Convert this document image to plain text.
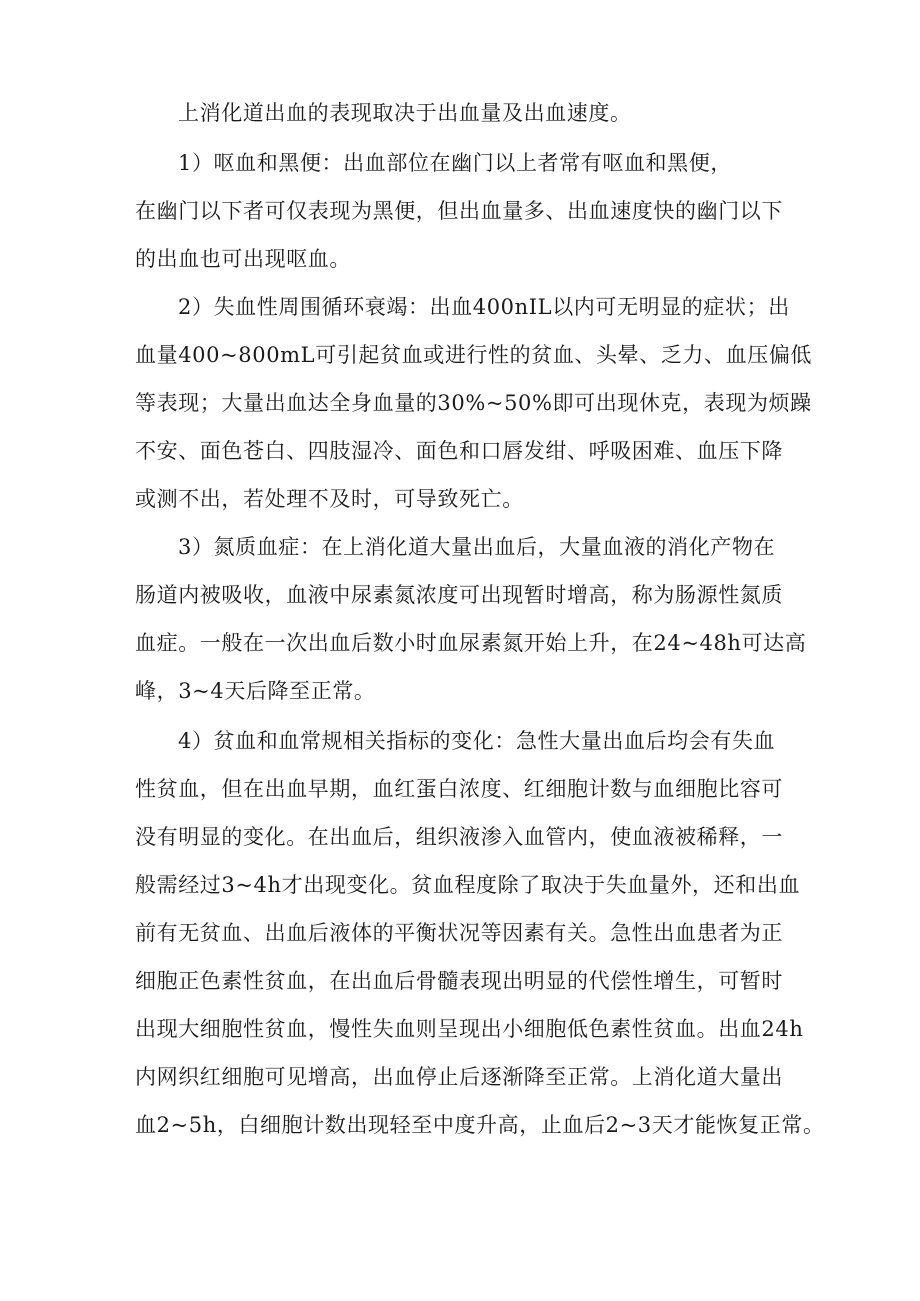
上消化道出血的表现取决于出血量及出血速度。
1）呕血和黑便：出血部位在幽门以上者常有呕血和黑便，
在幽门以下者可仅表现为黑便，但出血量多、出血速度快的幽门以下
的出血也可出现呕血。
2）失血性周围循环衰竭：出血400nIL以内可无明显的症状；出
血量400~800mL可引起贫血或进行性的贫血、头晕、乏力、血压偏低
等表现；大量出血达全身血量的30%~50%即可出现休克，表现为烦躁
不安、面色苍白、四肢湿冷、面色和口唇发绀、呼吸困难、血压下降
或测不出，若处理不及时，可导致死亡。
3）氮质血症：在上消化道大量出血后，大量血液的消化产物在
肠道内被吸收，血液中尿素氮浓度可出现暂时增高，称为肠源性氮质
血症。一般在一次出血后数小时血尿素氮开始上升，在24~48h可达高
峰，3~4天后降至正常。
4）贫血和血常规相关指标的变化：急性大量出血后均会有失血
性贫血，但在出血早期，血红蛋白浓度、红细胞计数与血细胞比容可
没有明显的变化。在出血后，组织液渗入血管内，使血液被稀释，一
般需经过3~4h才出现变化。贫血程度除了取决于失血量外，还和出血
前有无贫血、出血后液体的平衡状况等因素有关。急性出血患者为正
细胞正色素性贫血，在出血后骨髓表现出明显的代偿性增生，可暂时
出现大细胞性贫血，慢性失血则呈现出小细胞低色素性贫血。出血24h
内网织红细胞可见增高，出血停止后逐渐降至正常。上消化道大量出
血2~5h，白细胞计数出现轻至中度升高，止血后2~3天才能恢复正常。
